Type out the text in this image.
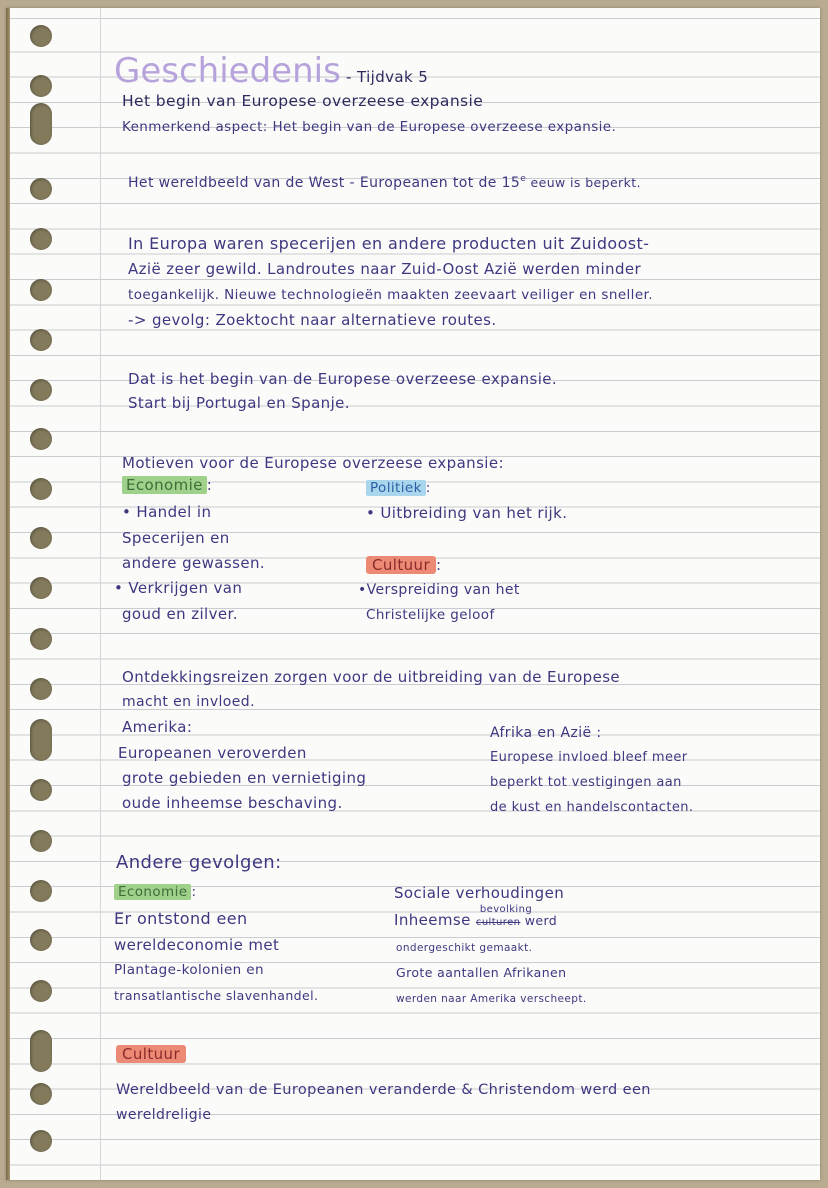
Geschiedenis - Tijdvak 5
Het begin van Europese overzeese expansie
Kenmerkend aspect: Het begin van de Europese overzeese expansie.
Het wereldbeeld van de West - Europeanen tot de 15e eeuw is beperkt.
In Europa waren specerijen en andere producten uit Zuidoost-
Azië zeer gewild. Landroutes naar Zuid-Oost Azië werden minder
toegankelijk. Nieuwe technologieën maakten zeevaart veiliger en sneller.
-> gevolg: Zoektocht naar alternatieve routes.
Dat is het begin van de Europese overzeese expansie.
Start bij Portugal en Spanje.
Motieven voor de Europese overzeese expansie:
Economie :
• Handel in
Specerijen en
andere gewassen.
• Verkrijgen van
goud en zilver.
Politiek :
• Uitbreiding van het rijk.
Cultuur :
•Verspreiding van het
Christelijke geloof
Ontdekkingsreizen zorgen voor de uitbreiding van de Europese
macht en invloed.
Amerika:
Europeanen veroverden
grote gebieden en vernietiging
oude inheemse beschaving.
Afrika en Azië :
Europese invloed bleef meer
beperkt tot vestigingen aan
de kust en handelscontacten.
Andere gevolgen:
Economie :
Er ontstond een
wereldeconomie met
Plantage-kolonien en
transatlantische slavenhandel.
Sociale verhoudingen
Inheemse
bevolking
culturen werd
ondergeschikt gemaakt.
Grote aantallen Afrikanen
werden naar Amerika verscheept.
Cultuur
Wereldbeeld van de Europeanen veranderde & Christendom werd een
wereldreligie
